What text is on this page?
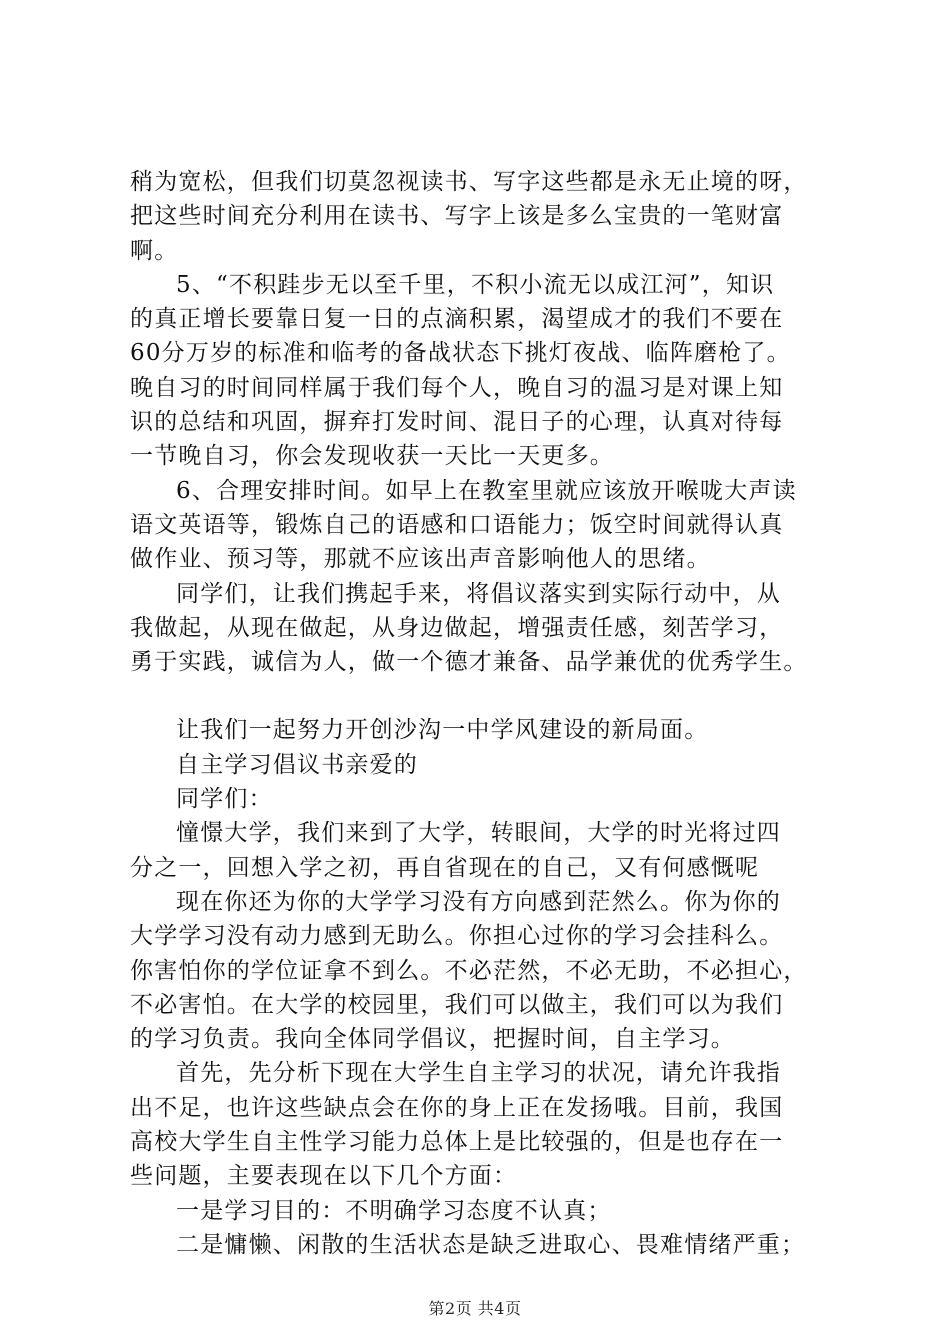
稍为宽松，但我们切莫忽视读书、写字这些都是永无止境的呀，
把这些时间充分利用在读书、写字上该是多么宝贵的一笔财富
啊。
5、“不积跬步无以至千里，不积小流无以成江河”，知识
的真正增长要靠日复一日的点滴积累，渴望成才的我们不要在
60分万岁的标准和临考的备战状态下挑灯夜战、临阵磨枪了。
晚自习的时间同样属于我们每个人，晚自习的温习是对课上知
识的总结和巩固，摒弃打发时间、混日子的心理，认真对待每
一节晚自习，你会发现收获一天比一天更多。
6、合理安排时间。如早上在教室里就应该放开喉咙大声读
语文英语等，锻炼自己的语感和口语能力；饭空时间就得认真
做作业、预习等，那就不应该出声音影响他人的思绪。
同学们，让我们携起手来，将倡议落实到实际行动中，从
我做起，从现在做起，从身边做起，增强责任感，刻苦学习，
勇于实践，诚信为人，做一个德才兼备、品学兼优的优秀学生。
让我们一起努力开创沙沟一中学风建设的新局面。
自主学习倡议书亲爱的
同学们：
憧憬大学，我们来到了大学，转眼间，大学的时光将过四
分之一，回想入学之初，再自省现在的自己，又有何感慨呢
现在你还为你的大学学习没有方向感到茫然么。你为你的
大学学习没有动力感到无助么。你担心过你的学习会挂科么。
你害怕你的学位证拿不到么。不必茫然，不必无助，不必担心，
不必害怕。在大学的校园里，我们可以做主，我们可以为我们
的学习负责。我向全体同学倡议，把握时间，自主学习。
首先，先分析下现在大学生自主学习的状况，请允许我指
出不足，也许这些缺点会在你的身上正在发扬哦。目前，我国
高校大学生自主性学习能力总体上是比较强的，但是也存在一
些问题，主要表现在以下几个方面：
一是学习目的：不明确学习态度不认真；
二是慵懒、闲散的生活状态是缺乏进取心、畏难情绪严重；
第2页 共4页
